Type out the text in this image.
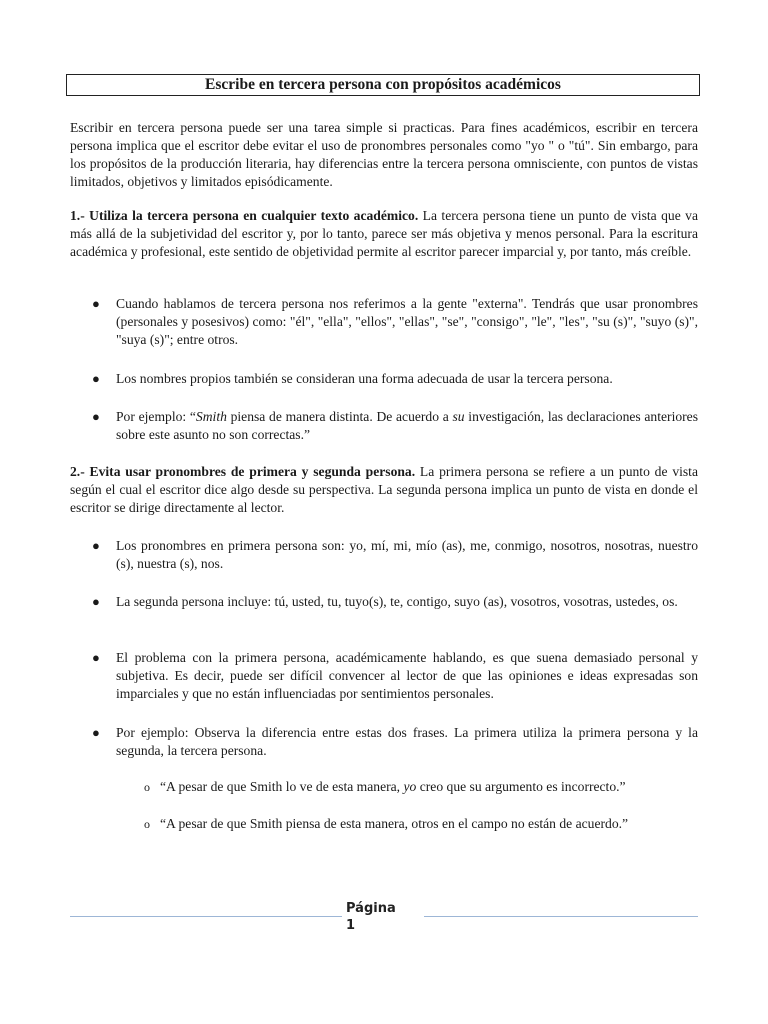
Escribe en tercera persona con propósitos académicos

Escribir en tercera persona puede ser una tarea simple si practicas. Para fines académicos, escribir en tercera persona implica que el escritor debe evitar el uso de pronombres personales como "yo " o "tú". Sin embargo, para los propósitos de la producción literaria, hay diferencias entre la tercera persona omnisciente, con puntos de vistas limitados, objetivos y limitados episódicamente.

1.- Utiliza la tercera persona en cualquier texto académico. La tercera persona tiene un punto de vista que va más allá de la subjetividad del escritor y, por lo tanto, parece ser más objetiva y menos personal. Para la escritura académica y profesional, este sentido de objetividad permite al escritor parecer imparcial y, por tanto, más creíble.

● Cuando hablamos de tercera persona nos referimos a la gente "externa". Tendrás que usar pronombres (personales y posesivos) como: "él", "ella", "ellos", "ellas", "se", "consigo", "le", "les", "su (s)", "suyo (s)", "suya (s)"; entre otros.
● Los nombres propios también se consideran una forma adecuada de usar la tercera persona.
● Por ejemplo: “Smith piensa de manera distinta. De acuerdo a su investigación, las declaraciones anteriores sobre este asunto no son correctas.”

2.- Evita usar pronombres de primera y segunda persona. La primera persona se refiere a un punto de vista según el cual el escritor dice algo desde su perspectiva. La segunda persona implica un punto de vista en donde el escritor se dirige directamente al lector.

● Los pronombres en primera persona son: yo, mí, mi, mío (as), me, conmigo, nosotros, nosotras, nuestro (s), nuestra (s), nos.
● La segunda persona incluye: tú, usted, tu, tuyo(s), te, contigo, suyo (as), vosotros, vosotras, ustedes, os.
● El problema con la primera persona, académicamente hablando, es que suena demasiado personal y subjetiva. Es decir, puede ser difícil convencer al lector de que las opiniones e ideas expresadas son imparciales y que no están influenciadas por sentimientos personales.
● Por ejemplo: Observa la diferencia entre estas dos frases. La primera utiliza la primera persona y la segunda, la tercera persona.
o “A pesar de que Smith lo ve de esta manera, yo creo que su argumento es incorrecto.”
o “A pesar de que Smith piensa de esta manera, otros en el campo no están de acuerdo.”
Página
1
